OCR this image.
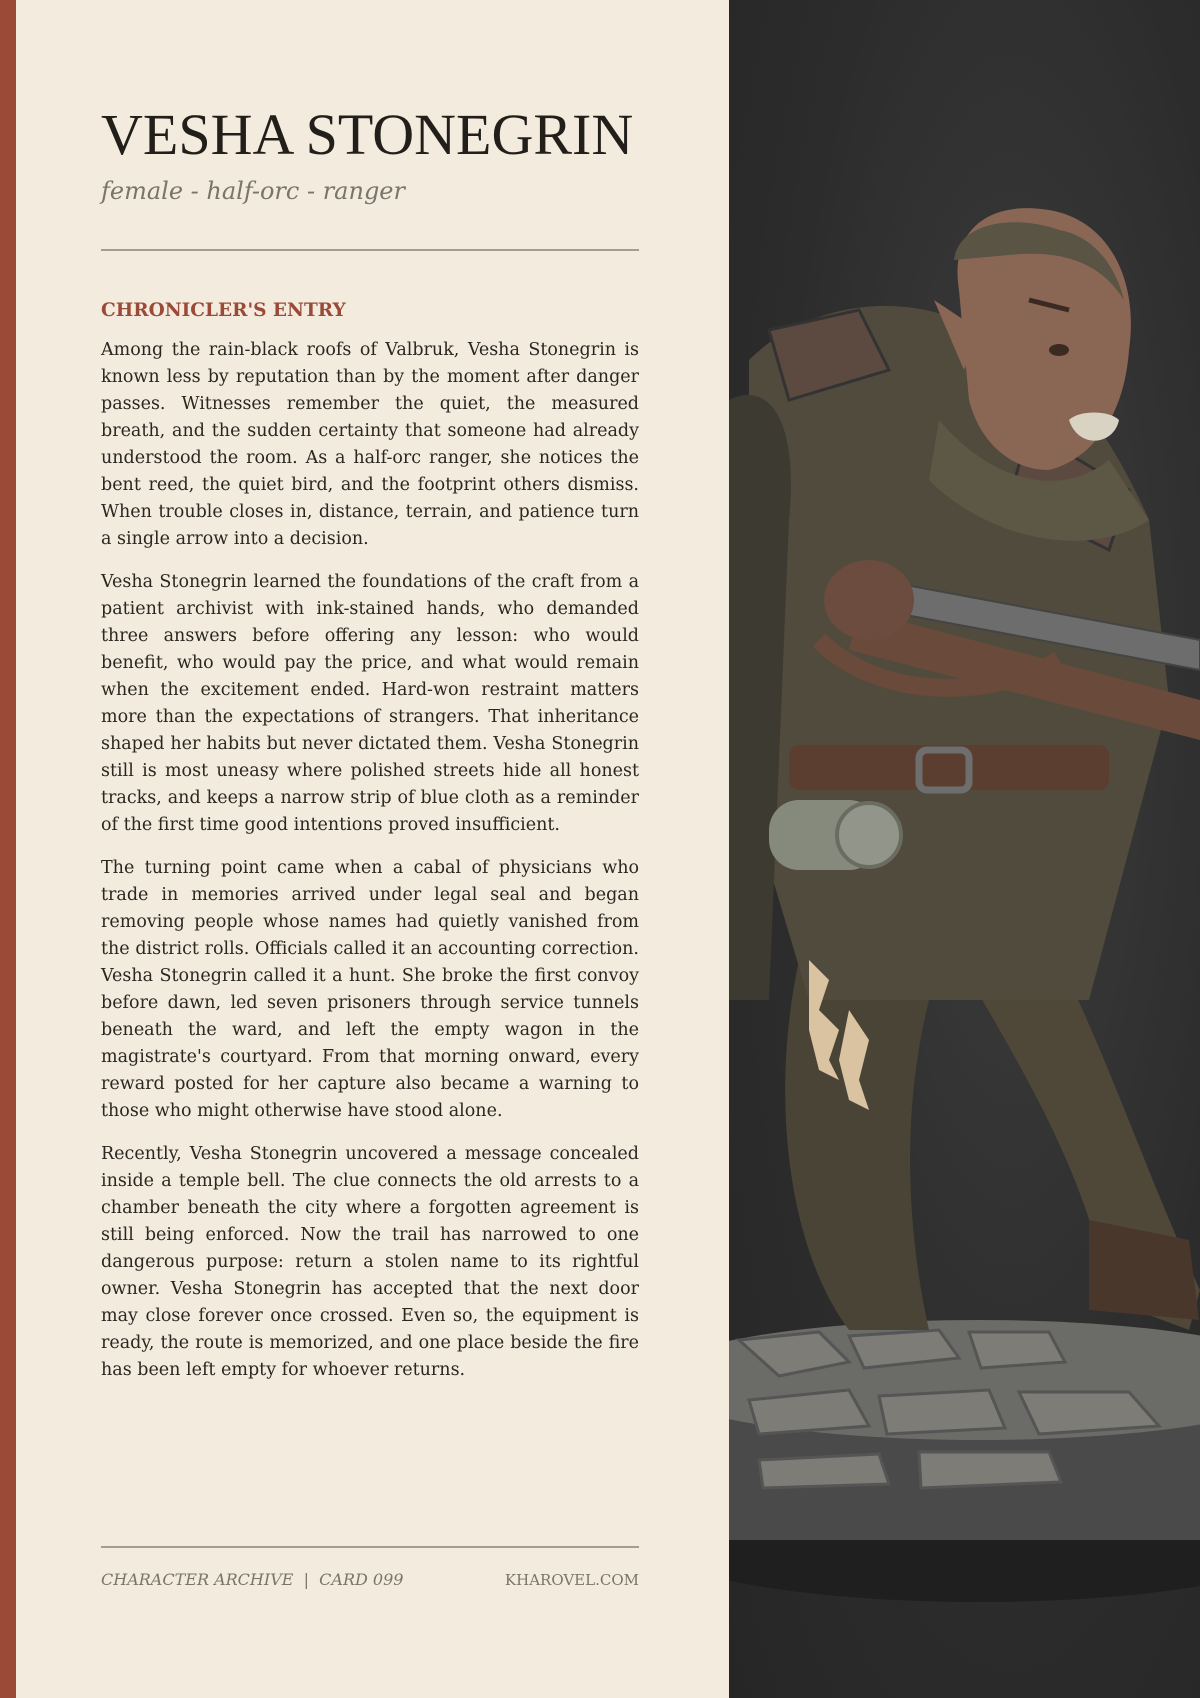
VESHA STONEGRIN
female - half-orc - ranger
CHRONICLER'S ENTRY

Among the rain-black roofs of Valbruk, Vesha Stonegrin is known less by reputation than by the moment after danger passes. Witnesses remember the quiet, the measured breath, and the sudden certainty that someone had already understood the room. As a half-orc ranger, she notices the bent reed, the quiet bird, and the footprint others dismiss. When trouble closes in, distance, terrain, and patience turn a single arrow into a decision.

Vesha Stonegrin learned the foundations of the craft from a patient archivist with ink-stained hands, who demanded three answers before offering any lesson: who would benefit, who would pay the price, and what would remain when the excitement ended. Hard-won restraint matters more than the expectations of strangers. That inheritance shaped her habits but never dictated them. Vesha Stonegrin still is most uneasy where polished streets hide all honest tracks, and keeps a narrow strip of blue cloth as a reminder of the first time good intentions proved insufficient.

The turning point came when a cabal of physicians who trade in memories arrived under legal seal and began removing people whose names had quietly vanished from the district rolls. Officials called it an accounting correction. Vesha Stonegrin called it a hunt. She broke the first convoy before dawn, led seven prisoners through service tunnels beneath the ward, and left the empty wagon in the magistrate's courtyard. From that morning onward, every reward posted for her capture also became a warning to those who might otherwise have stood alone.

Recently, Vesha Stonegrin uncovered a message concealed inside a temple bell. The clue connects the old arrests to a chamber beneath the city where a forgotten agreement is still being enforced. Now the trail has narrowed to one dangerous purpose: return a stolen name to its rightful owner. Vesha Stonegrin has accepted that the next door may close forever once crossed. Even so, the equipment is ready, the route is memorized, and one place beside the fire has been left empty for whoever returns.

CHARACTER ARCHIVE  |  CARD 099	KHAROVEL.COM
